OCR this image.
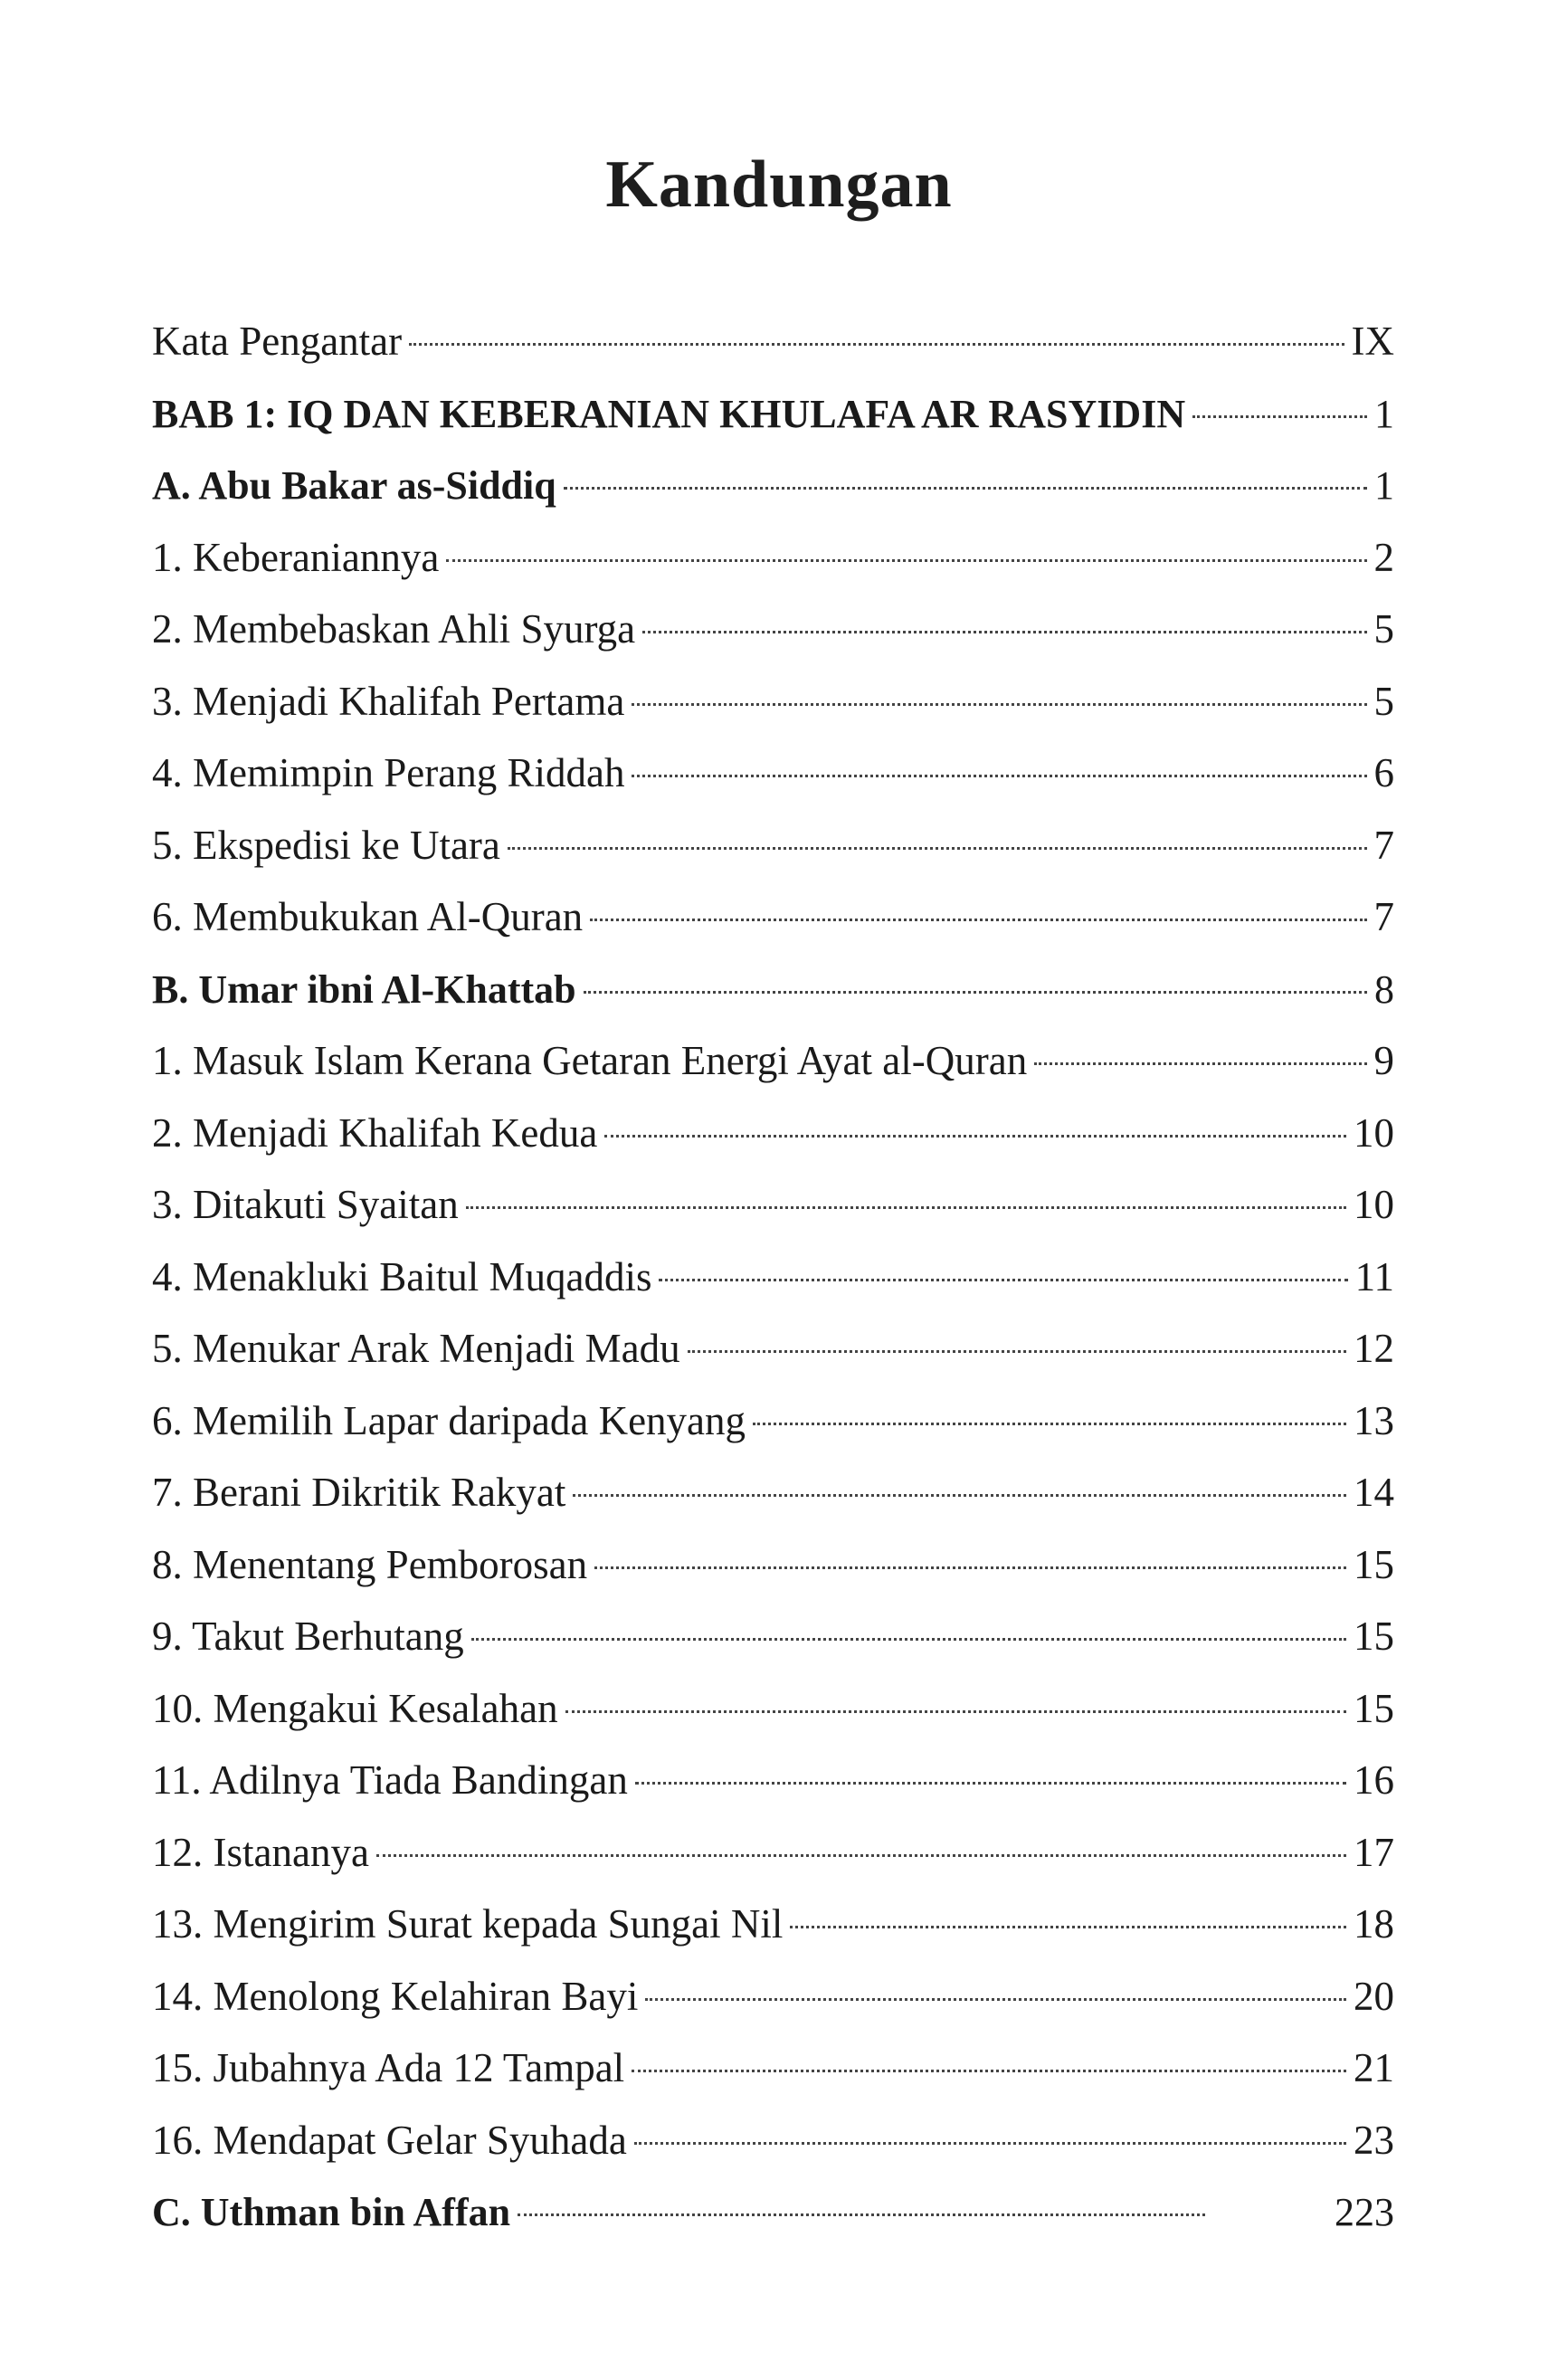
Kandungan
Kata Pengantar	IX
BAB 1: IQ DAN KEBERANIAN KHULAFA AR RASYIDIN	1
A. Abu Bakar as-Siddiq	1
1. Keberaniannya	2
2. Membebaskan Ahli Syurga	5
3. Menjadi Khalifah Pertama	5
4. Memimpin Perang Riddah	6
5. Ekspedisi ke Utara	7
6. Membukukan Al-Quran	7
B. Umar ibni Al-Khattab	8
1. Masuk Islam Kerana Getaran Energi Ayat al-Quran	9
2. Menjadi Khalifah Kedua	10
3. Ditakuti Syaitan	10
4. Menakluki Baitul Muqaddis	11
5. Menukar Arak Menjadi Madu	12
6. Memilih Lapar daripada Kenyang	13
7. Berani Dikritik Rakyat	14
8. Menentang Pemborosan	15
9. Takut Berhutang	15
10. Mengakui Kesalahan	15
11. Adilnya Tiada Bandingan	16
12. Istananya	17
13. Mengirim Surat kepada Sungai Nil	18
14. Menolong Kelahiran Bayi	20
15. Jubahnya Ada 12 Tampal	21
16. Mendapat Gelar Syuhada	23
C. Uthman bin Affan	223
